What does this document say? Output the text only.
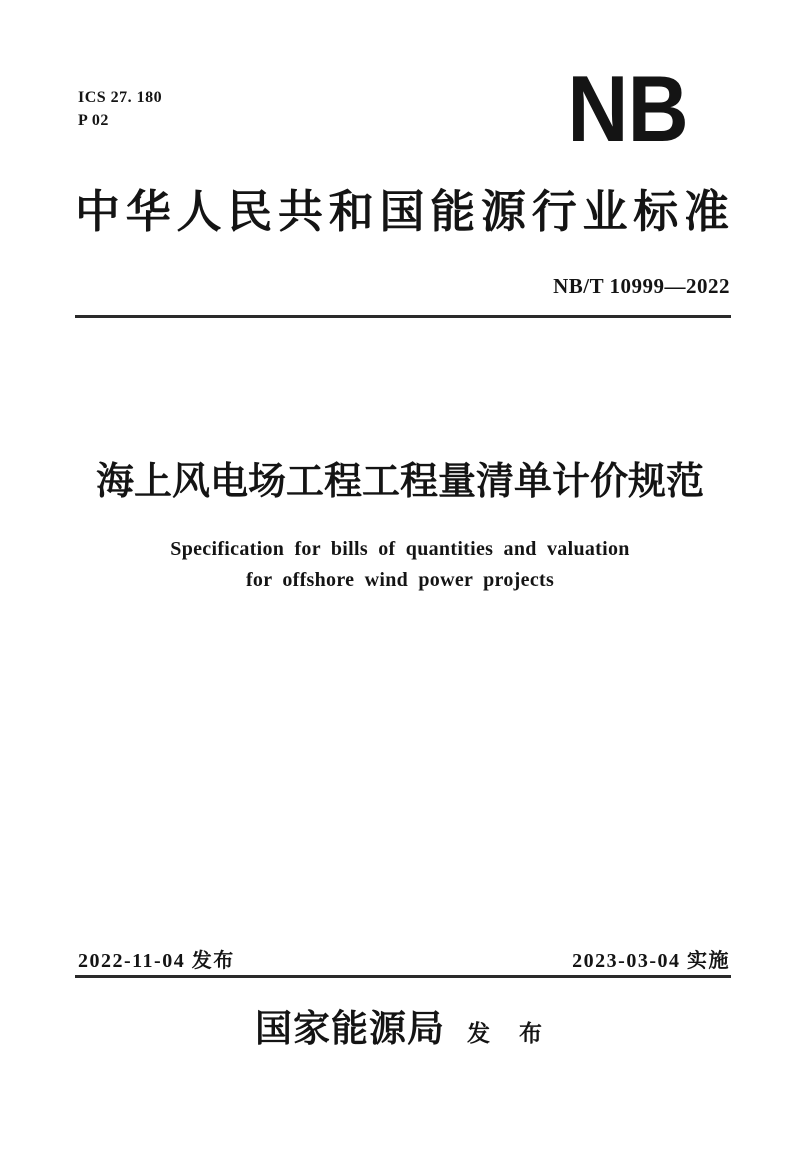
ICS 27. 180
P 02	NB
中华人民共和国能源行业标准
NB/T 10999—2022
海上风电场工程工程量清单计价规范
Specification for bills of quantities and valuation
for offshore wind power projects
2022-11-04 发布	2023-03-04 实施
国家能源局 发　布
